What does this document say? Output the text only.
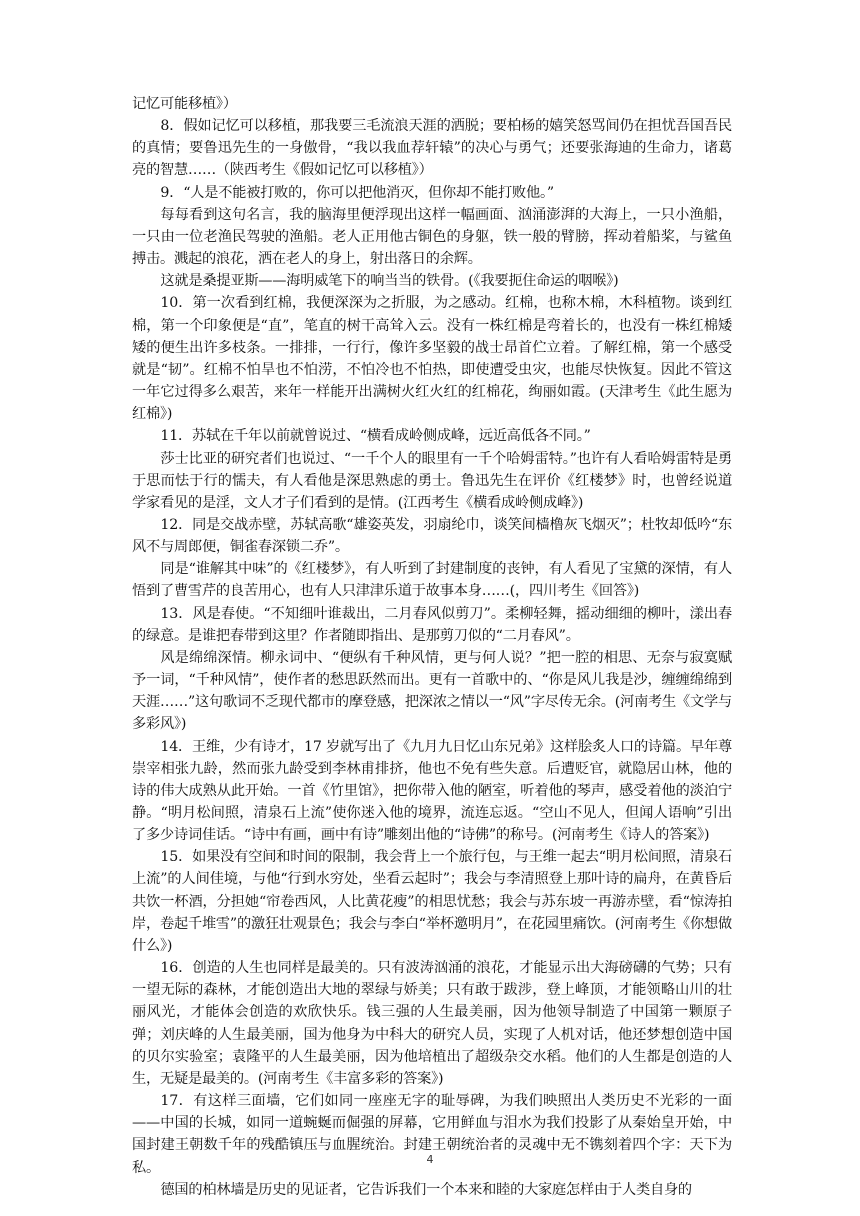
记忆可能移植》）

8．假如记忆可以移植，那我要三毛流浪天涯的洒脱；要柏杨的嬉笑怒骂间仍在担忧吾国吾民的真情；要鲁迅先生的一身傲骨，“我以我血荐轩辕”的决心与勇气；还要张海迪的生命力，诸葛亮的智慧……（陕西考生《假如记忆可以移植》）

9．“人是不能被打败的，你可以把他消灭，但你却不能打败他。”

每每看到这句名言，我的脑海里便浮现出这样一幅画面、汹涌澎湃的大海上，一只小渔船，一只由一位老渔民驾驶的渔船。老人正用他古铜色的身躯，铁一般的臂膀，挥动着船桨，与鲨鱼搏击。溅起的浪花，洒在老人的身上，射出落日的余辉。

这就是桑提亚斯——海明威笔下的响当当的铁骨。(《我要扼住命运的咽喉》)

10．第一次看到红棉，我便深深为之折服，为之感动。红棉，也称木棉，木科植物。谈到红棉，第一个印象便是“直”，笔直的树干高耸入云。没有一株红棉是弯着长的，也没有一株红棉矮矮的便生出许多枝条。一排排，一行行，像许多坚毅的战士昂首伫立着。了解红棉，第一个感受就是“韧”。红棉不怕旱也不怕涝，不怕冷也不怕热，即使遭受虫灾，也能尽快恢复。因此不管这一年它过得多么艰苦，来年一样能开出满树火红火红的红棉花，绚丽如霞。(天津考生《此生愿为红棉》)

11．苏轼在千年以前就曾说过、“横看成岭侧成峰，远近高低各不同。”

莎士比亚的研究者们也说过、“一千个人的眼里有一千个哈姆雷特。”也许有人看哈姆雷特是勇于思而怯于行的懦夫，有人看他是深思熟虑的勇士。鲁迅先生在评价《红楼梦》时，也曾经说道学家看见的是淫，文人才子们看到的是情。(江西考生《横看成岭侧成峰》)

12．同是交战赤壁，苏轼高歌“雄姿英发，羽扇纶巾，谈笑间樯橹灰飞烟灭”；杜牧却低吟“东风不与周郎便，铜雀春深锁二乔”。

同是“谁解其中味”的《红楼梦》，有人听到了封建制度的丧钟，有人看见了宝黛的深情，有人悟到了曹雪芹的良苦用心，也有人只津津乐道于故事本身……(，四川考生《回答》)

13．风是春使。“不知细叶谁裁出，二月春风似剪刀”。柔柳轻舞，摇动细细的柳叶，漾出春的绿意。是谁把春带到这里？作者随即指出、是那剪刀似的“二月春风”。

风是绵绵深情。柳永词中、“便纵有千种风情，更与何人说？”把一腔的相思、无奈与寂寞赋予一词，“千种风情”，使作者的愁思跃然而出。更有一首歌中的、“你是风儿我是沙，缠缠绵绵到天涯……”这句歌词不乏现代都市的摩登感，把深浓之情以一“风”字尽传无余。(河南考生《文学与多彩风》)

14．王维，少有诗才，17 岁就写出了《九月九日忆山东兄弟》这样脍炙人口的诗篇。早年尊崇宰相张九龄，然而张九龄受到李林甫排挤，他也不免有些失意。后遭贬官，就隐居山林，他的诗的伟大成熟从此开始。一首《竹里馆》，把你带入他的陋室，听着他的琴声，感受着他的淡泊宁静。“明月松间照，清泉石上流”使你迷入他的境界，流连忘返。“空山不见人，但闻人语响”引出了多少诗词佳话。“诗中有画，画中有诗”雕刻出他的“诗佛”的称号。(河南考生《诗人的答案》)

15．如果没有空间和时间的限制，我会背上一个旅行包，与王维一起去“明月松间照，清泉石上流”的人间佳境，与他“行到水穷处，坐看云起时”；我会与李清照登上那叶诗的扁舟，在黄昏后共饮一杯酒，分担她“帘卷西风，人比黄花瘦”的相思忧愁；我会与苏东坡一再游赤壁，看“惊涛拍岸，卷起千堆雪”的激狂壮观景色；我会与李白“举杯邀明月”，在花园里痛饮。(河南考生《你想做什么》)

16．创造的人生也同样是最美的。只有波涛汹涌的浪花，才能显示出大海磅礴的气势；只有一望无际的森林，才能创造出大地的翠绿与娇美；只有敢于跋涉，登上峰顶，才能领略山川的壮丽风光，才能体会创造的欢欣快乐。钱三强的人生最美丽，因为他领导制造了中国第一颗原子弹；刘庆峰的人生最美丽，国为他身为中科大的研究人员，实现了人机对话，他还梦想创造中国的贝尔实验室；袁隆平的人生最美丽，因为他培植出了超级杂交水稻。他们的人生都是创造的人生，无疑是最美的。(河南考生《丰富多彩的答案》)

17．有这样三面墙，它们如同一座座无字的耻辱碑，为我们映照出人类历史不光彩的一面——中国的长城，如同一道蜿蜒而倔强的屏幕，它用鲜血与泪水为我们投影了从秦始皇开始，中国封建王朝数千年的残酷镇压与血腥统治。封建王朝统治者的灵魂中无不镌刻着四个字：天下为私。

德国的柏林墙是历史的见证者，它告诉我们一个本来和睦的大家庭怎样由于人类自身的

4
